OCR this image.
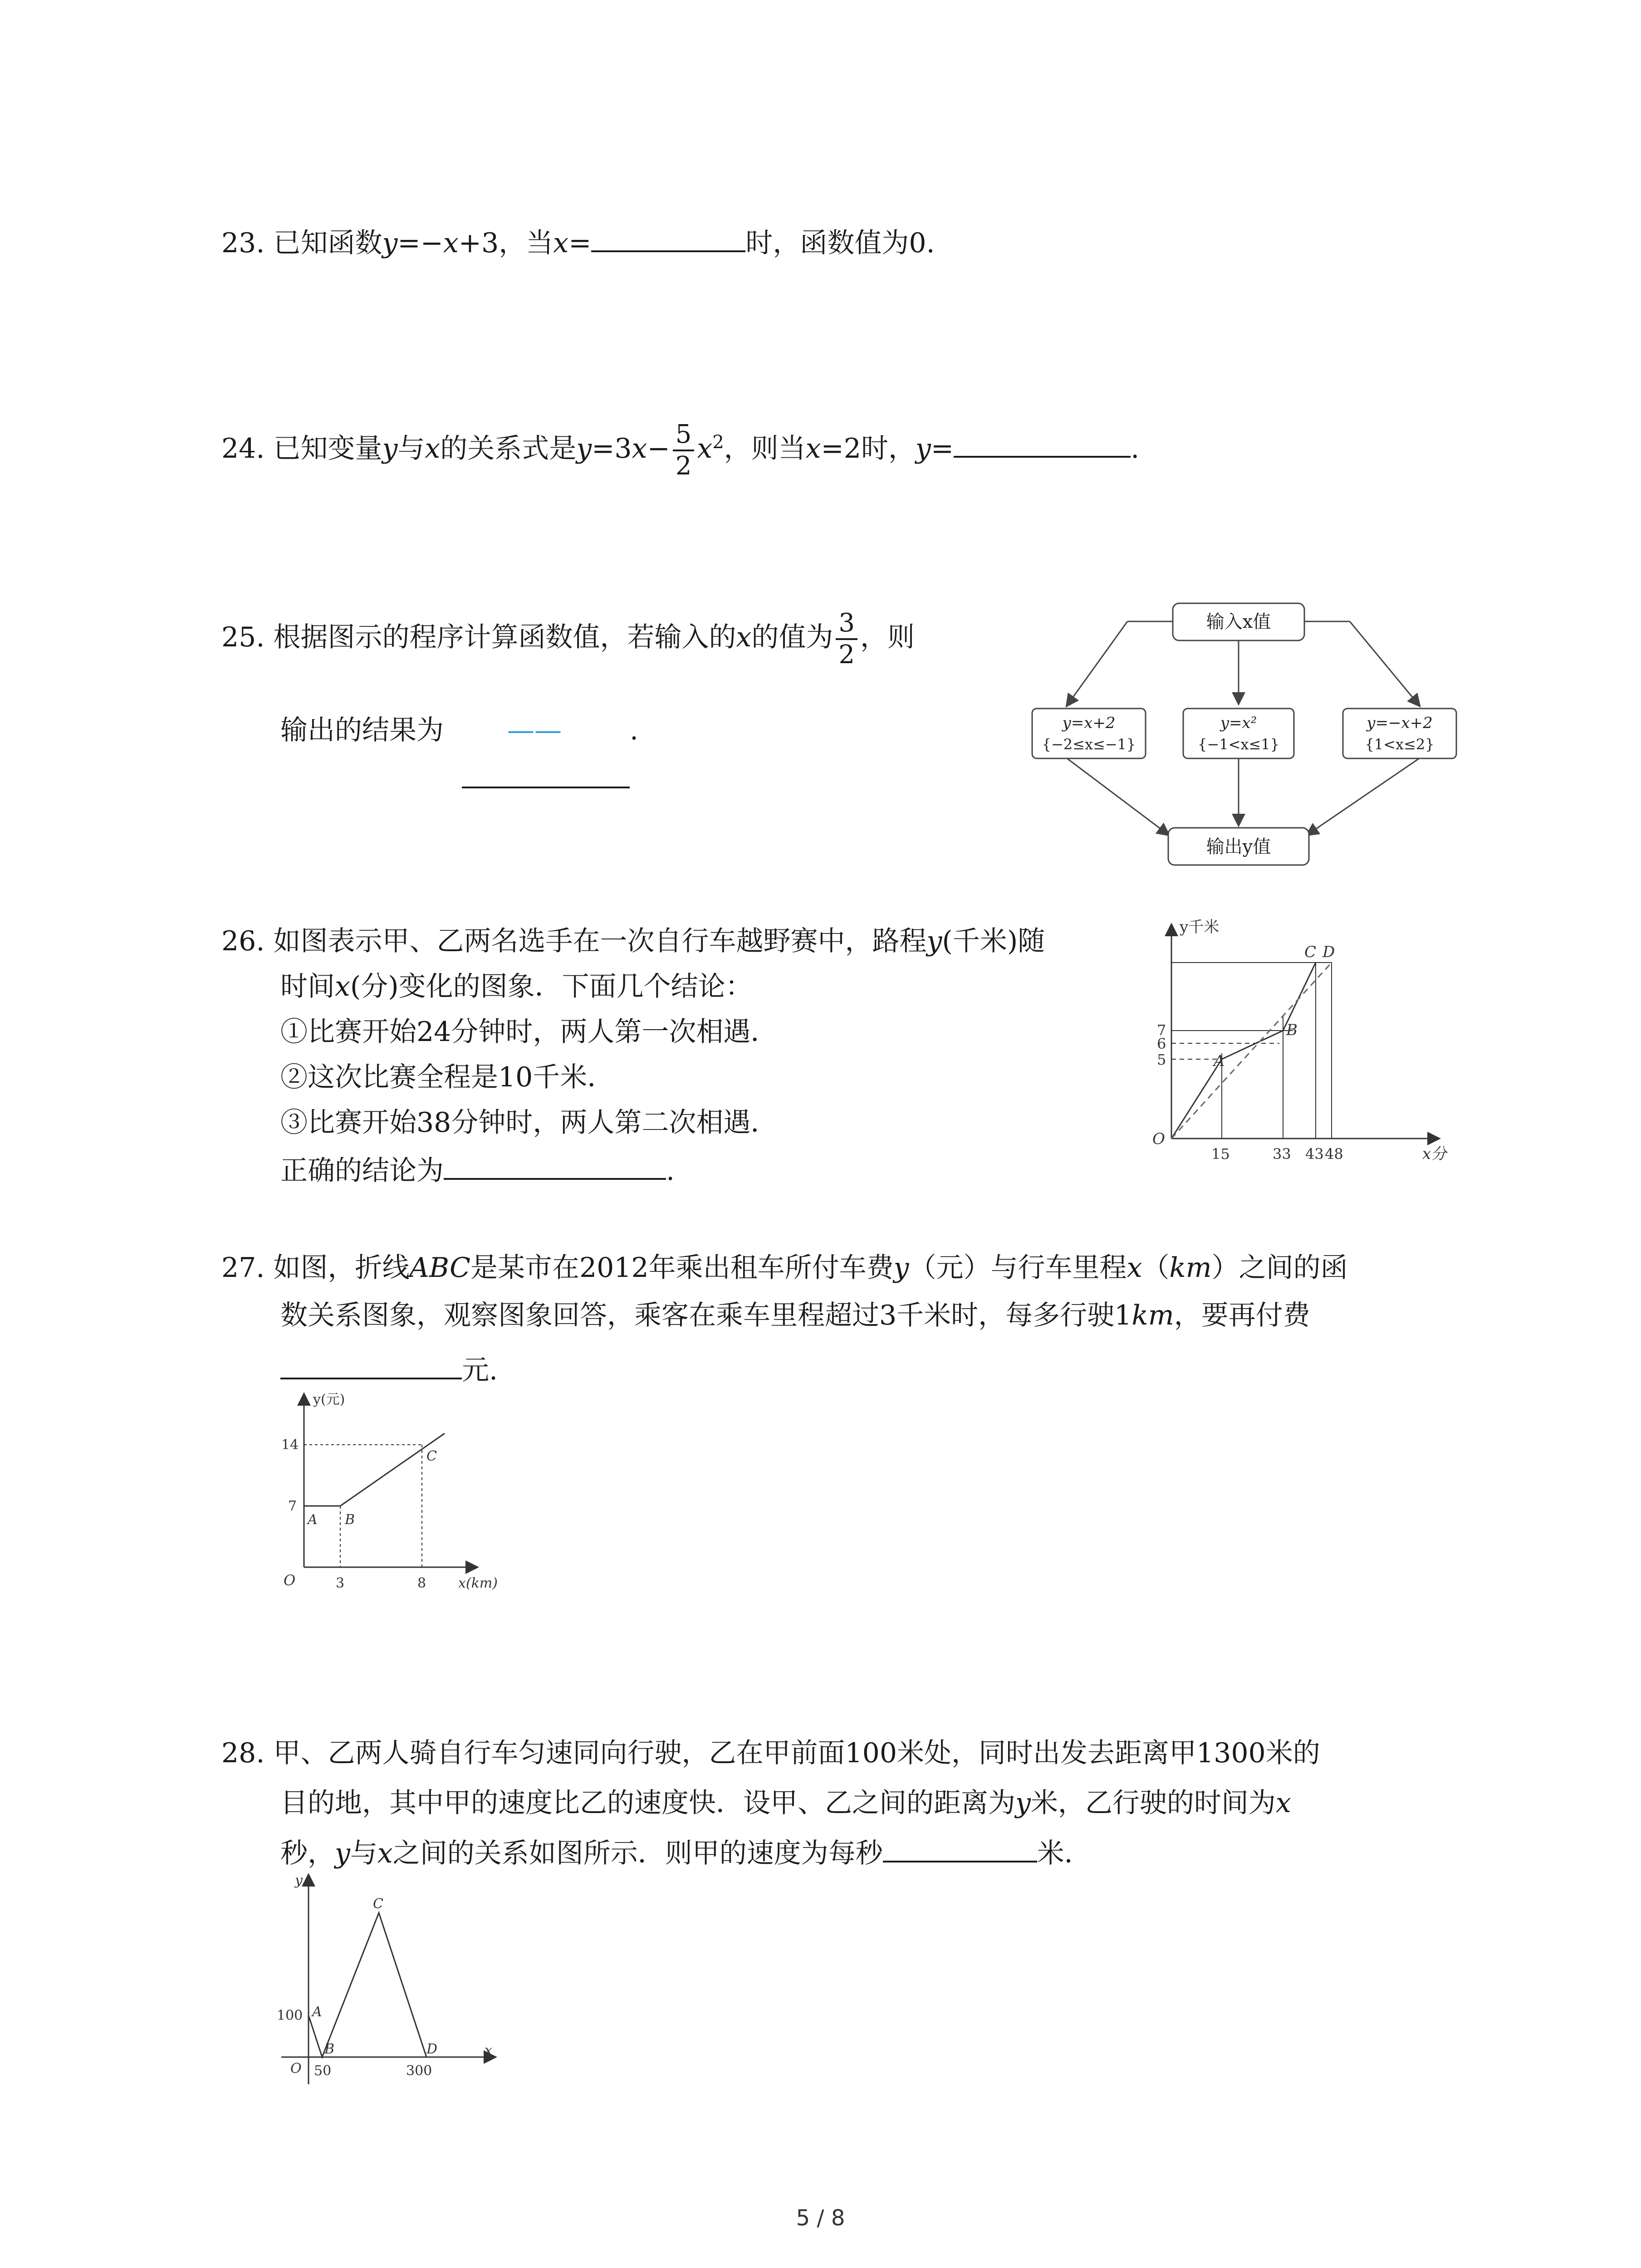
23. 已知函数y=−x+3，当x=	时，函数值为0.
24. 已知变量y与x的关系式是$y=3x- \frac{5}{2} x^2$，则当x=2时，y=	.
25. 根据图示的程序计算函数值，若输入的x的值为 $\frac{3}{2}$ ，则
输出的结果为 ——	.
输入x值
y=x+2
{−2≤x≤−1}
y=x²
{−1<x≤1}
y=−x+2
{1<x≤2}
输出y值
26. 如图表示甲、乙两名选手在一次自行车越野赛中，路程y(千米)随
时间x(分)变化的图象．下面几个结论：
①比赛开始24分钟时，两人第一次相遇．
②这次比赛全程是10千米．
③比赛开始38分钟时，两人第二次相遇．
正确的结论为	.
y千米
x分
O
7
6
5
15	33 43 48
A
B
C D
27. 如图，折线ABC是某市在2012年乘出租车所付车费y（元）与行车里程x（km）之间的函
数关系图象，观察图象回答，乘客在乘车里程超过3千米时，每多行驶1km，要再付费
元.
y(元)
x(km)
O
14
7
3	8
A B
C
28. 甲、乙两人骑自行车匀速同向行驶，乙在甲前面100米处，同时出发去距离甲1300米的
目的地，其中甲的速度比乙的速度快．设甲、乙之间的距离为y米，乙行驶的时间为x
秒，y与x之间的关系如图所示．则甲的速度为每秒	米．
y
x
O
100
50	300
A
B
C
D
5 / 8
